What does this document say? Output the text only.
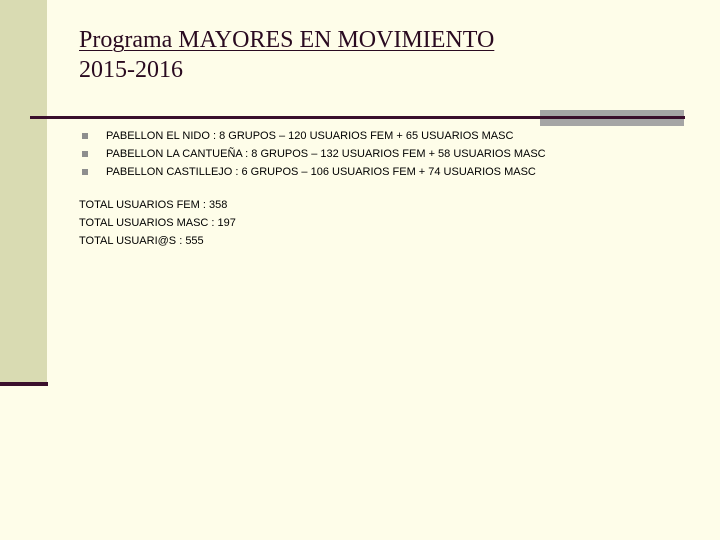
Programa MAYORES EN MOVIMIENTO
2015-2016
PABELLON EL NIDO : 8 GRUPOS – 120 USUARIOS FEM + 65 USUARIOS MASC
PABELLON LA CANTUEÑA : 8 GRUPOS – 132 USUARIOS FEM + 58 USUARIOS MASC
PABELLON CASTILLEJO : 6 GRUPOS – 106 USUARIOS FEM + 74 USUARIOS MASC
TOTAL USUARIOS FEM : 358
TOTAL USUARIOS MASC : 197
TOTAL USUARI@S : 555
